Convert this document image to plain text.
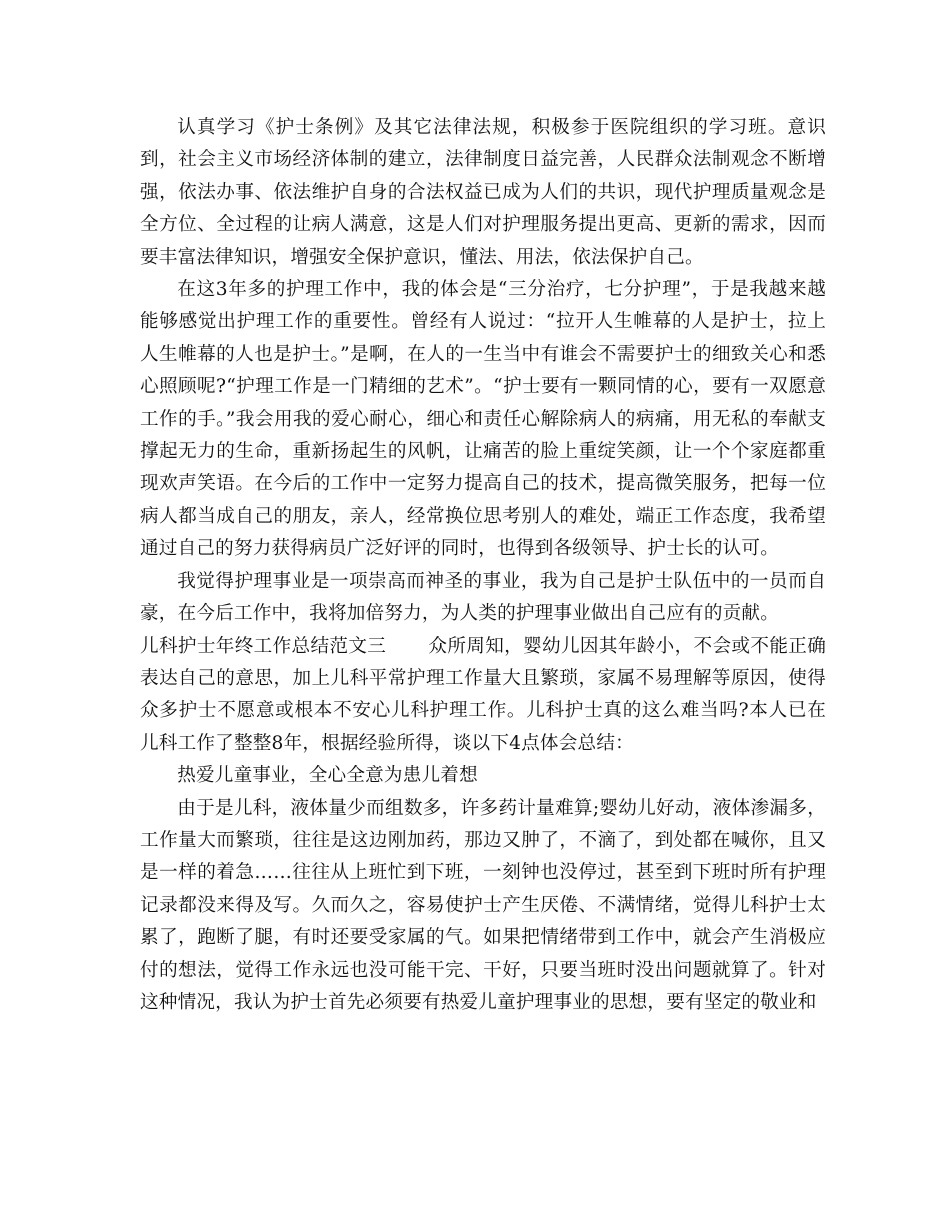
认真学习《护士条例》及其它法律法规，积极参于医院组织的学习班。意识到，社会主义市场经济体制的建立，法律制度日益完善，人民群众法制观念不断增强，依法办事、依法维护自身的合法权益已成为人们的共识，现代护理质量观念是全方位、全过程的让病人满意，这是人们对护理服务提出更高、更新的需求，因而要丰富法律知识，增强安全保护意识，懂法、用法，依法保护自己。

在这3年多的护理工作中，我的体会是“三分治疗，七分护理”，于是我越来越能够感觉出护理工作的重要性。曾经有人说过：“拉开人生帷幕的人是护士，拉上人生帷幕的人也是护士。”是啊，在人的一生当中有谁会不需要护士的细致关心和悉心照顾呢?“护理工作是一门精细的艺术”。“护士要有一颗同情的心，要有一双愿意工作的手。”我会用我的爱心耐心，细心和责任心解除病人的病痛，用无私的奉献支撑起无力的生命，重新扬起生的风帆，让痛苦的脸上重绽笑颜，让一个个家庭都重现欢声笑语。在今后的工作中一定努力提高自己的技术，提高微笑服务，把每一位病人都当成自己的朋友，亲人，经常换位思考别人的难处，端正工作态度，我希望通过自己的努力获得病员广泛好评的同时，也得到各级领导、护士长的认可。

我觉得护理事业是一项崇高而神圣的事业，我为自己是护士队伍中的一员而自豪，在今后工作中，我将加倍努力，为人类的护理事业做出自己应有的贡献。

儿科护士年终工作总结范文三 众所周知，婴幼儿因其年龄小，不会或不能正确表达自己的意思，加上儿科平常护理工作量大且繁琐，家属不易理解等原因，使得众多护士不愿意或根本不安心儿科护理工作。儿科护士真的这么难当吗?本人已在儿科工作了整整8年，根据经验所得，谈以下4点体会总结：

热爱儿童事业，全心全意为患儿着想

由于是儿科，液体量少而组数多，许多药计量难算;婴幼儿好动，液体渗漏多，工作量大而繁琐，往往是这边刚加药，那边又肿了，不滴了，到处都在喊你，且又是一样的着急……往往从上班忙到下班，一刻钟也没停过，甚至到下班时所有护理记录都没来得及写。久而久之，容易使护士产生厌倦、不满情绪，觉得儿科护士太累了，跑断了腿，有时还要受家属的气。如果把情绪带到工作中，就会产生消极应付的想法，觉得工作永远也没可能干完、干好，只要当班时没出问题就算了。针对这种情况，我认为护士首先必须要有热爱儿童护理事业的思想，要有坚定的敬业和
